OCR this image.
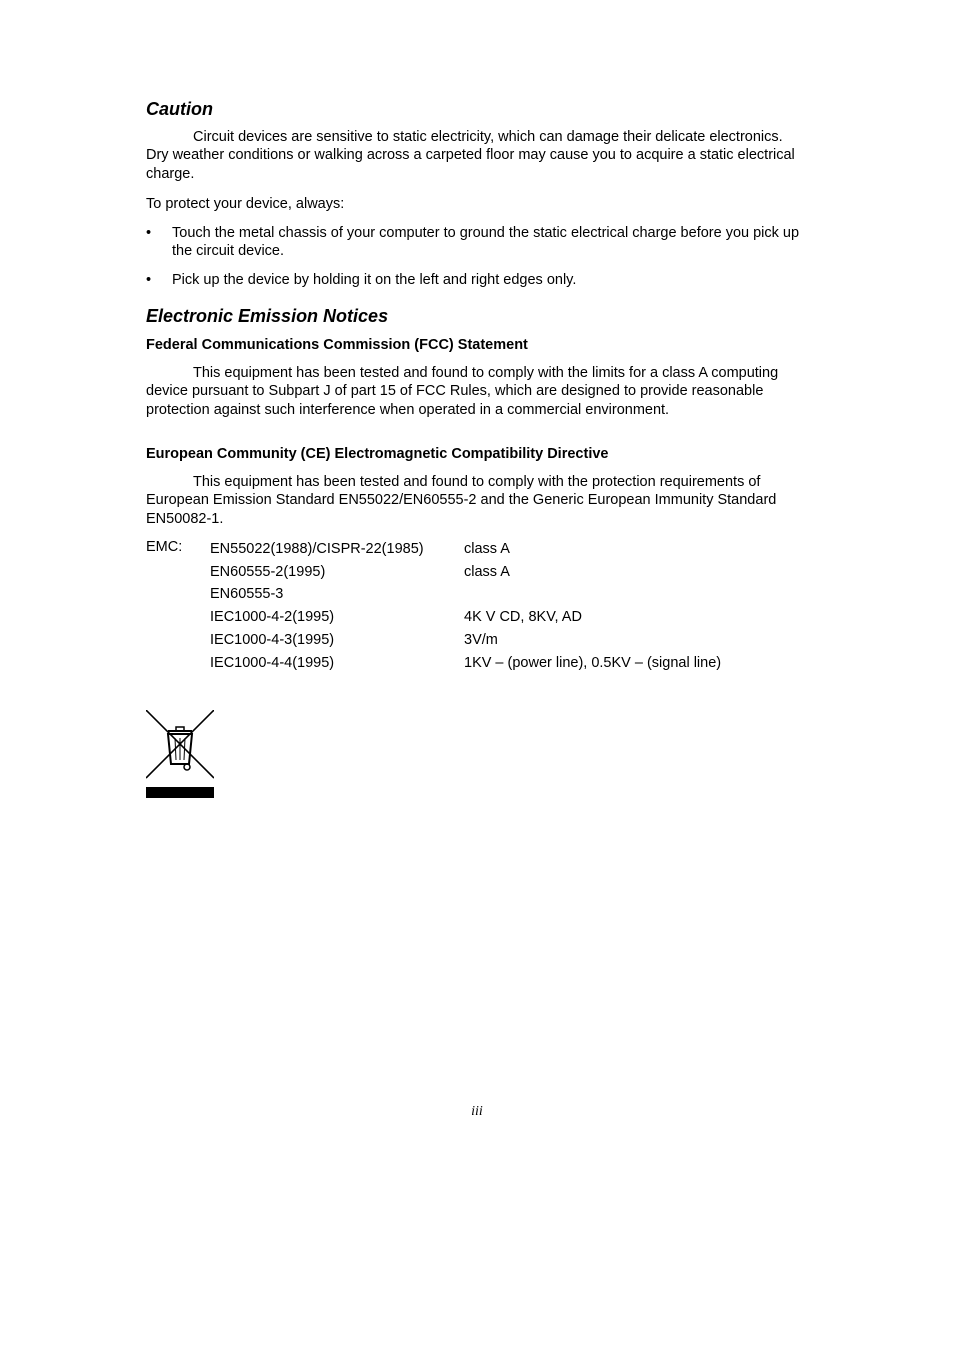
Caution

Circuit devices are sensitive to static electricity, which can damage their delicate electronics. Dry weather conditions or walking across a carpeted floor may cause you to acquire a static electrical charge.

To protect your device, always:

• Touch the metal chassis of your computer to ground the static electrical charge before you pick up the circuit device.
• Pick up the device by holding it on the left and right edges only.
Electronic Emission Notices
Federal Communications Commission (FCC) Statement

This equipment has been tested and found to comply with the limits for a class A computing device pursuant to Subpart J of part 15 of FCC Rules, which are designed to provide reasonable protection against such interference when operated in a commercial environment.

European Community (CE) Electromagnetic Compatibility Directive

This equipment has been tested and found to comply with the protection requirements of European Emission Standard EN55022/EN60555-2 and the Generic European Immunity Standard EN50082-1.

EMC:	EN55022(1988)/CISPR-22(1985)	class A
EN60555-2(1995)	class A
EN60555-3
IEC1000-4-2(1995)	4K V CD, 8KV, AD
IEC1000-4-3(1995)	3V/m
IEC1000-4-4(1995)	1KV – (power line), 0.5KV – (signal line)
iii
